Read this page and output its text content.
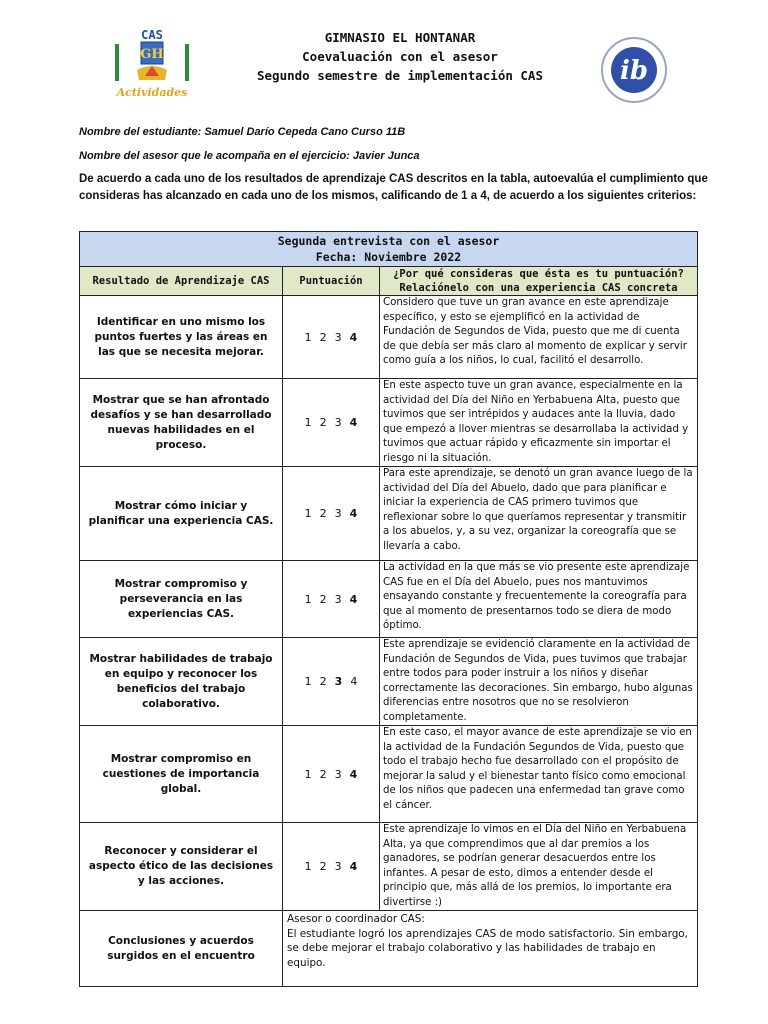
CAS
GH
Actividades
GIMNASIO EL HONTANAR
Coevaluación con el asesor
Segundo semestre de implementación CAS	ib
Nombre del estudiante: Samuel Darío Cepeda Cano Curso 11B
Nombre del asesor que le acompaña en el ejercicio: Javier Junca
De acuerdo a cada uno de los resultados de aprendizaje CAS descritos en la tabla, autoevalúa el cumplimiento que consideras has alcanzado en cada uno de los mismos, calificando de 1 a 4, de acuerdo a los siguientes criterios:
Segunda entrevista con el asesor
Fecha: Noviembre 2022		

Resultado de Aprendizaje CAS	Puntuación	¿Por qué consideras que ésta es tu puntuación? Relaciónelo con una experiencia CAS concreta
Identificar en uno mismo los puntos fuertes y las áreas en las que se necesita mejorar.	1 2 3 4	Considero que tuve un gran avance en este aprendizaje específico, y esto se ejemplificó en la actividad de Fundación de Segundos de Vida, puesto que me di cuenta de que debía ser más claro al momento de explicar y servir como guía a los niños, lo cual, facilitó el desarrollo.
Mostrar que se han afrontado desafíos y se han desarrollado nuevas habilidades en el proceso.	1 2 3 4	En este aspecto tuve un gran avance, especialmente en la actividad del Día del Niño en Yerbabuena Alta, puesto que tuvimos que ser intrépidos y audaces ante la lluvia, dado que empezó a llover mientras se desarrollaba la actividad y tuvimos que actuar rápido y eficazmente sin importar el riesgo ni la situación.
Mostrar cómo iniciar y planificar una experiencia CAS.	1 2 3 4	Para este aprendizaje, se denotó un gran avance luego de la actividad del Día del Abuelo, dado que para planificar e iniciar la experiencia de CAS primero tuvimos que reflexionar sobre lo que queríamos representar y transmitir a los abuelos, y, a su vez, organizar la coreografía que se llevaría a cabo.
Mostrar compromiso y perseverancia en las experiencias CAS.	1 2 3 4	La actividad en la que más se vio presente este aprendizaje CAS fue en el Día del Abuelo, pues nos mantuvimos ensayando constante y frecuentemente la coreografía para que al momento de presentarnos todo se diera de modo óptimo.
Mostrar habilidades de trabajo en equipo y reconocer los beneficios del trabajo colaborativo.	1 2 3 4	Este aprendizaje se evidenció claramente en la actividad de Fundación de Segundos de Vida, pues tuvimos que trabajar entre todos para poder instruir a los niños y diseñar correctamente las decoraciones. Sin embargo, hubo algunas diferencias entre nosotros que no se resolvieron completamente.
Mostrar compromiso en cuestiones de importancia global.	1 2 3 4	En este caso, el mayor avance de este aprendizaje se vio en la actividad de la Fundación Segundos de Vida, puesto que todo el trabajo hecho fue desarrollado con el propósito de mejorar la salud y el bienestar tanto físico como emocional de los niños que padecen una enfermedad tan grave como el cáncer.
Reconocer y considerar el aspecto ético de las decisiones y las acciones.	1 2 3 4	Este aprendizaje lo vimos en el Día del Niño en Yerbabuena Alta, ya que comprendimos que al dar premios a los ganadores, se podrían generar desacuerdos entre los infantes. A pesar de esto, dimos a entender desde el principio que, más allá de los premios, lo importante era divertirse :)
Conclusiones y acuerdos surgidos en el encuentro	Asesor o coordinador CAS:
El estudiante logró los aprendizajes CAS de modo satisfactorio. Sin embargo, se debe mejorar el trabajo colaborativo y las habilidades de trabajo en equipo.	
